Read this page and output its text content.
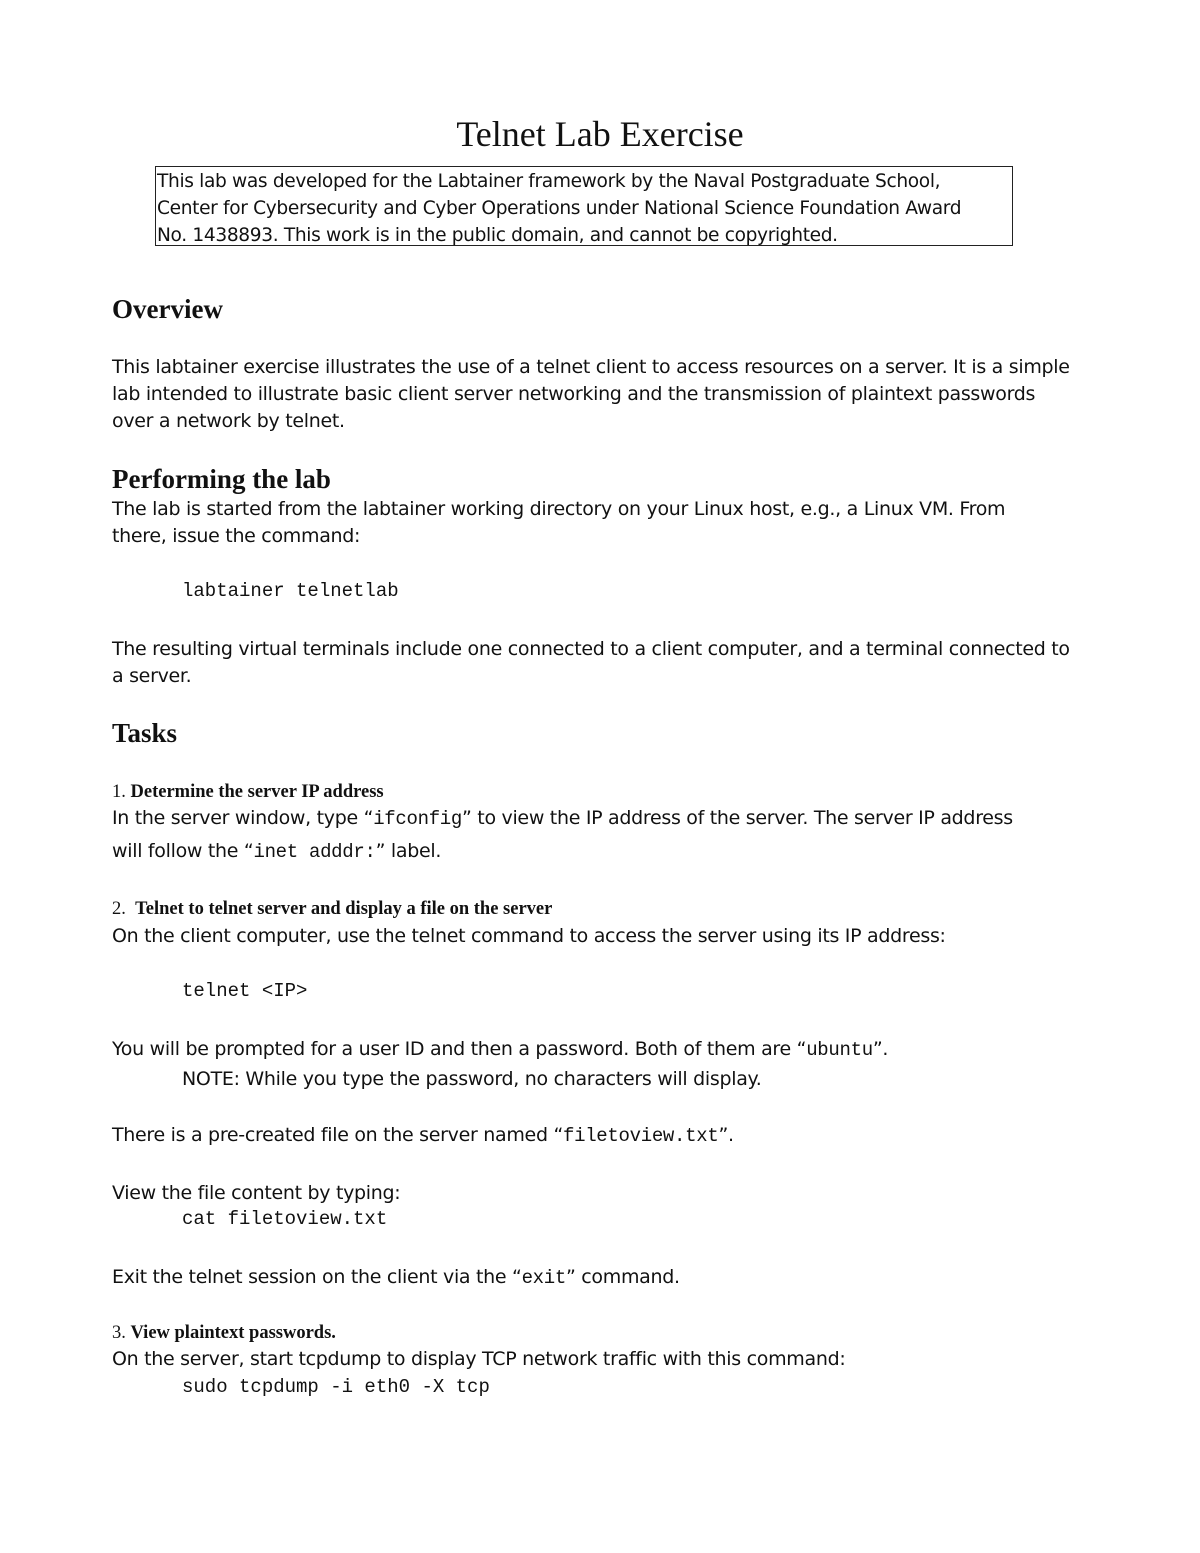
Telnet Lab Exercise
This lab was developed for the Labtainer framework by the Naval Postgraduate School,
Center for Cybersecurity and Cyber Operations under National Science Foundation Award
No. 1438893. This work is in the public domain, and cannot be copyrighted.
Overview
This labtainer exercise illustrates the use of a telnet client to access resources on a server. It is a simple
lab intended to illustrate basic client server networking and the transmission of plaintext passwords
over a network by telnet.
Performing the lab
The lab is started from the labtainer working directory on your Linux host, e.g., a Linux VM. From
there, issue the command:
labtainer telnetlab
The resulting virtual terminals include one connected to a client computer, and a terminal connected to
a server.
Tasks
1. Determine the server IP address
In the server window, type “ifconfig” to view the IP address of the server. The server IP address
will follow the “inet adddr:” label.
2. Telnet to telnet server and display a file on the server
On the client computer, use the telnet command to access the server using its IP address:
telnet <IP>
You will be prompted for a user ID and then a password. Both of them are “ubuntu”.
NOTE: While you type the password, no characters will display.
There is a pre-created file on the server named “filetoview.txt”.
View the file content by typing:
cat filetoview.txt
Exit the telnet session on the client via the “exit” command.
3. View plaintext passwords.
On the server, start tcpdump to display TCP network traffic with this command:
sudo tcpdump -i eth0 -X tcp
